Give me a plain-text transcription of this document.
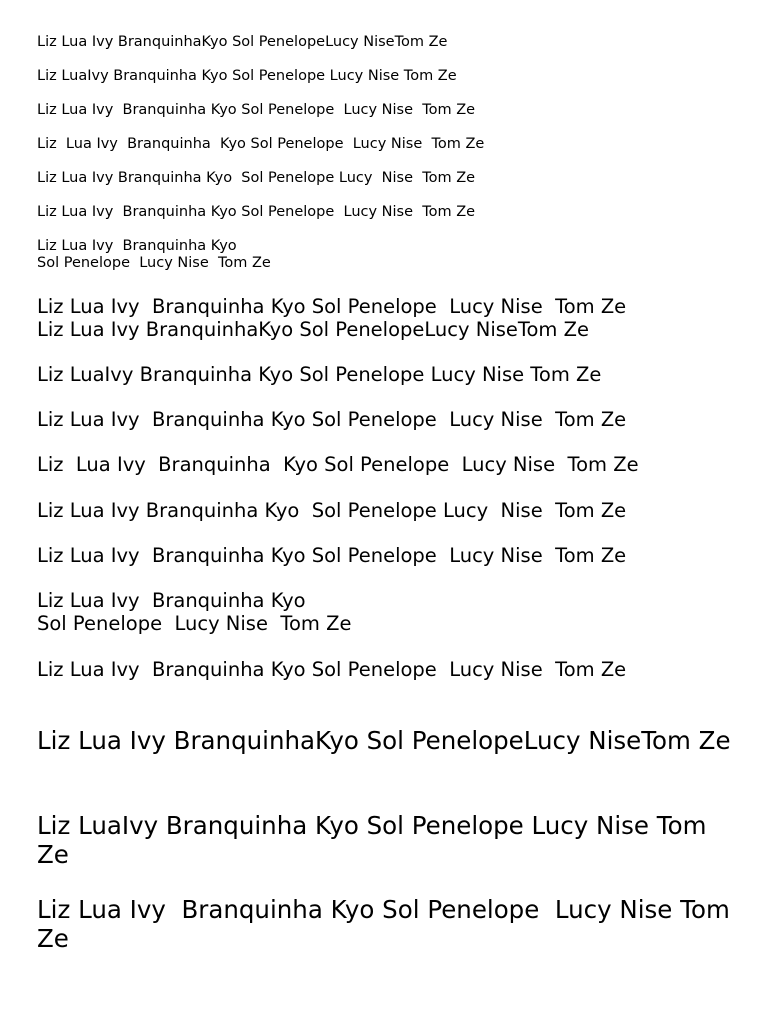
Liz Lua Ivy BranquinhaKyo Sol PenelopeLucy NiseTom Ze

Liz LuaIvy Branquinha Kyo Sol Penelope Lucy Nise Tom Ze

Liz Lua Ivy  Branquinha Kyo Sol Penelope  Lucy Nise  Tom Ze

Liz  Lua Ivy  Branquinha  Kyo Sol Penelope  Lucy Nise  Tom Ze

Liz Lua Ivy Branquinha Kyo  Sol Penelope Lucy  Nise  Tom Ze

Liz Lua Ivy  Branquinha Kyo Sol Penelope  Lucy Nise  Tom Ze

Liz Lua Ivy  Branquinha Kyo
Sol Penelope  Lucy Nise  Tom Ze

Liz Lua Ivy  Branquinha Kyo Sol Penelope  Lucy Nise  Tom Ze
Liz Lua Ivy BranquinhaKyo Sol PenelopeLucy NiseTom Ze

Liz LuaIvy Branquinha Kyo Sol Penelope Lucy Nise Tom Ze

Liz Lua Ivy  Branquinha Kyo Sol Penelope  Lucy Nise  Tom Ze

Liz  Lua Ivy  Branquinha  Kyo Sol Penelope  Lucy Nise  Tom Ze

Liz Lua Ivy Branquinha Kyo  Sol Penelope Lucy  Nise  Tom Ze

Liz Lua Ivy  Branquinha Kyo Sol Penelope  Lucy Nise  Tom Ze

Liz Lua Ivy  Branquinha Kyo
Sol Penelope  Lucy Nise  Tom Ze

Liz Lua Ivy  Branquinha Kyo Sol Penelope  Lucy Nise  Tom Ze

Liz Lua Ivy BranquinhaKyo Sol PenelopeLucy NiseTom Ze

Liz LuaIvy Branquinha Kyo Sol Penelope Lucy Nise Tom Ze

Liz Lua Ivy  Branquinha Kyo Sol Penelope  Lucy Nise Tom Ze
